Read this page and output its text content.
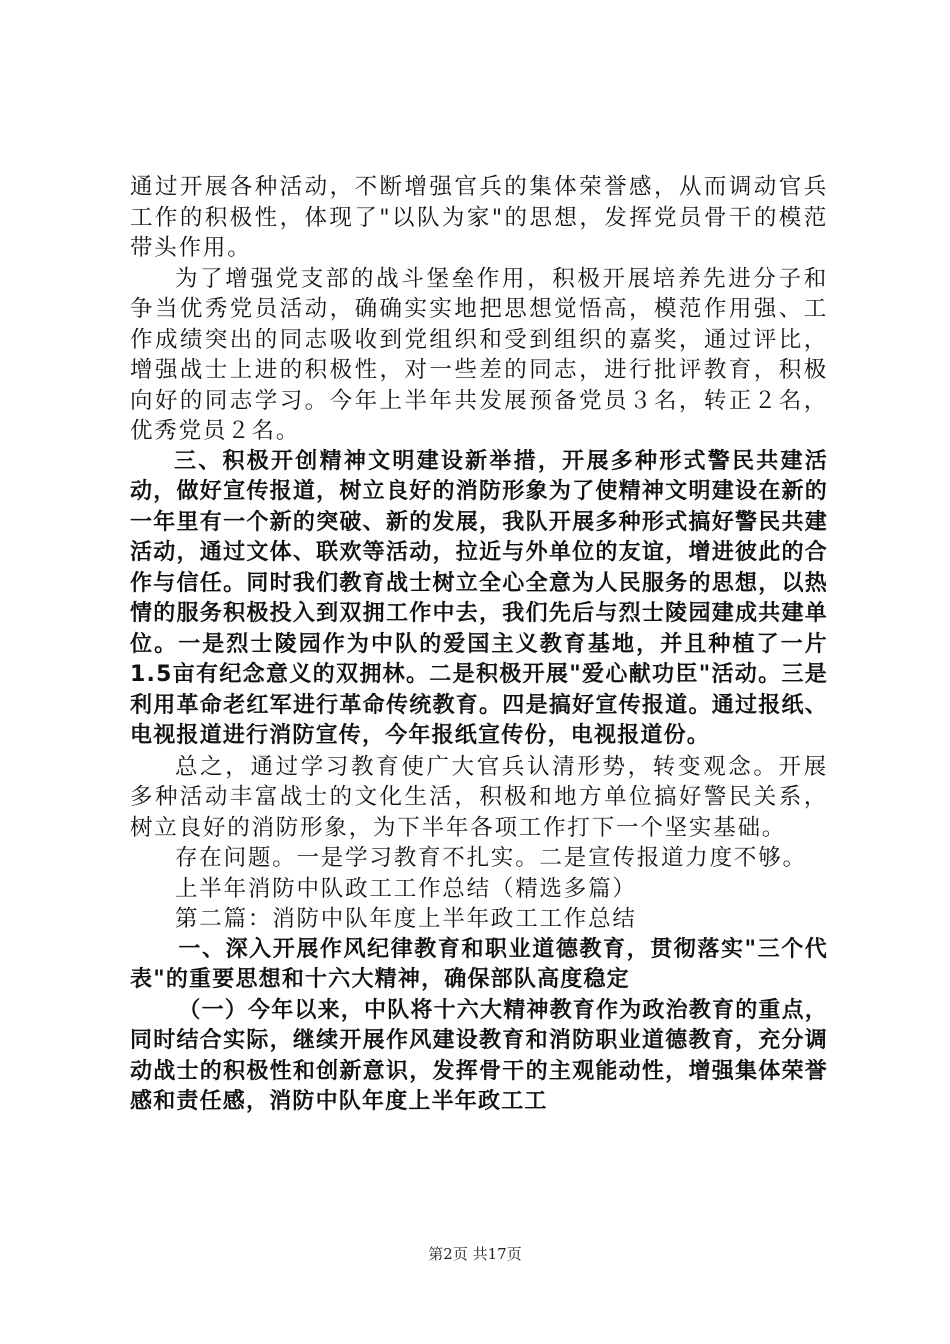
通过开展各种活动，不断增强官兵的集体荣誉感，从而调动官兵工作的积极性，体现了"以队为家"的思想，发挥党员骨干的模范带头作用。

为了增强党支部的战斗堡垒作用，积极开展培养先进分子和争当优秀党员活动，确确实实地把思想觉悟高，模范作用强、工作成绩突出的同志吸收到党组织和受到组织的嘉奖，通过评比，增强战士上进的积极性，对一些差的同志，进行批评教育，积极向好的同志学习。今年上半年共发展预备党员３名，转正２名，优秀党员２名。

三、积极开创精神文明建设新举措，开展多种形式警民共建活动，做好宣传报道，树立良好的消防形象为了使精神文明建设在新的一年里有一个新的突破、新的发展，我队开展多种形式搞好警民共建活动，通过文体、联欢等活动，拉近与外单位的友谊，增进彼此的合作与信任。同时我们教育战士树立全心全意为人民服务的思想，以热情的服务积极投入到双拥工作中去，我们先后与烈士陵园建成共建单位。一是烈士陵园作为中队的爱国主义教育基地，并且种植了一片1.5亩有纪念意义的双拥林。二是积极开展"爱心献功臣"活动。三是利用革命老红军进行革命传统教育。四是搞好宣传报道。通过报纸、电视报道进行消防宣传，今年报纸宣传份，电视报道份。

总之，通过学习教育使广大官兵认清形势，转变观念。开展多种活动丰富战士的文化生活，积极和地方单位搞好警民关系，树立良好的消防形象，为下半年各项工作打下一个坚实基础。

存在问题。一是学习教育不扎实。二是宣传报道力度不够。

上半年消防中队政工工作总结（精选多篇）

第二篇：消防中队年度上半年政工工作总结

一、深入开展作风纪律教育和职业道德教育，贯彻落实"三个代表"的重要思想和十六大精神，确保部队高度稳定

（一）今年以来，中队将十六大精神教育作为政治教育的重点，同时结合实际，继续开展作风建设教育和消防职业道德教育，充分调动战士的积极性和创新意识，发挥骨干的主观能动性，增强集体荣誉感和责任感，消防中队年度上半年政工工

第2页 共17页
